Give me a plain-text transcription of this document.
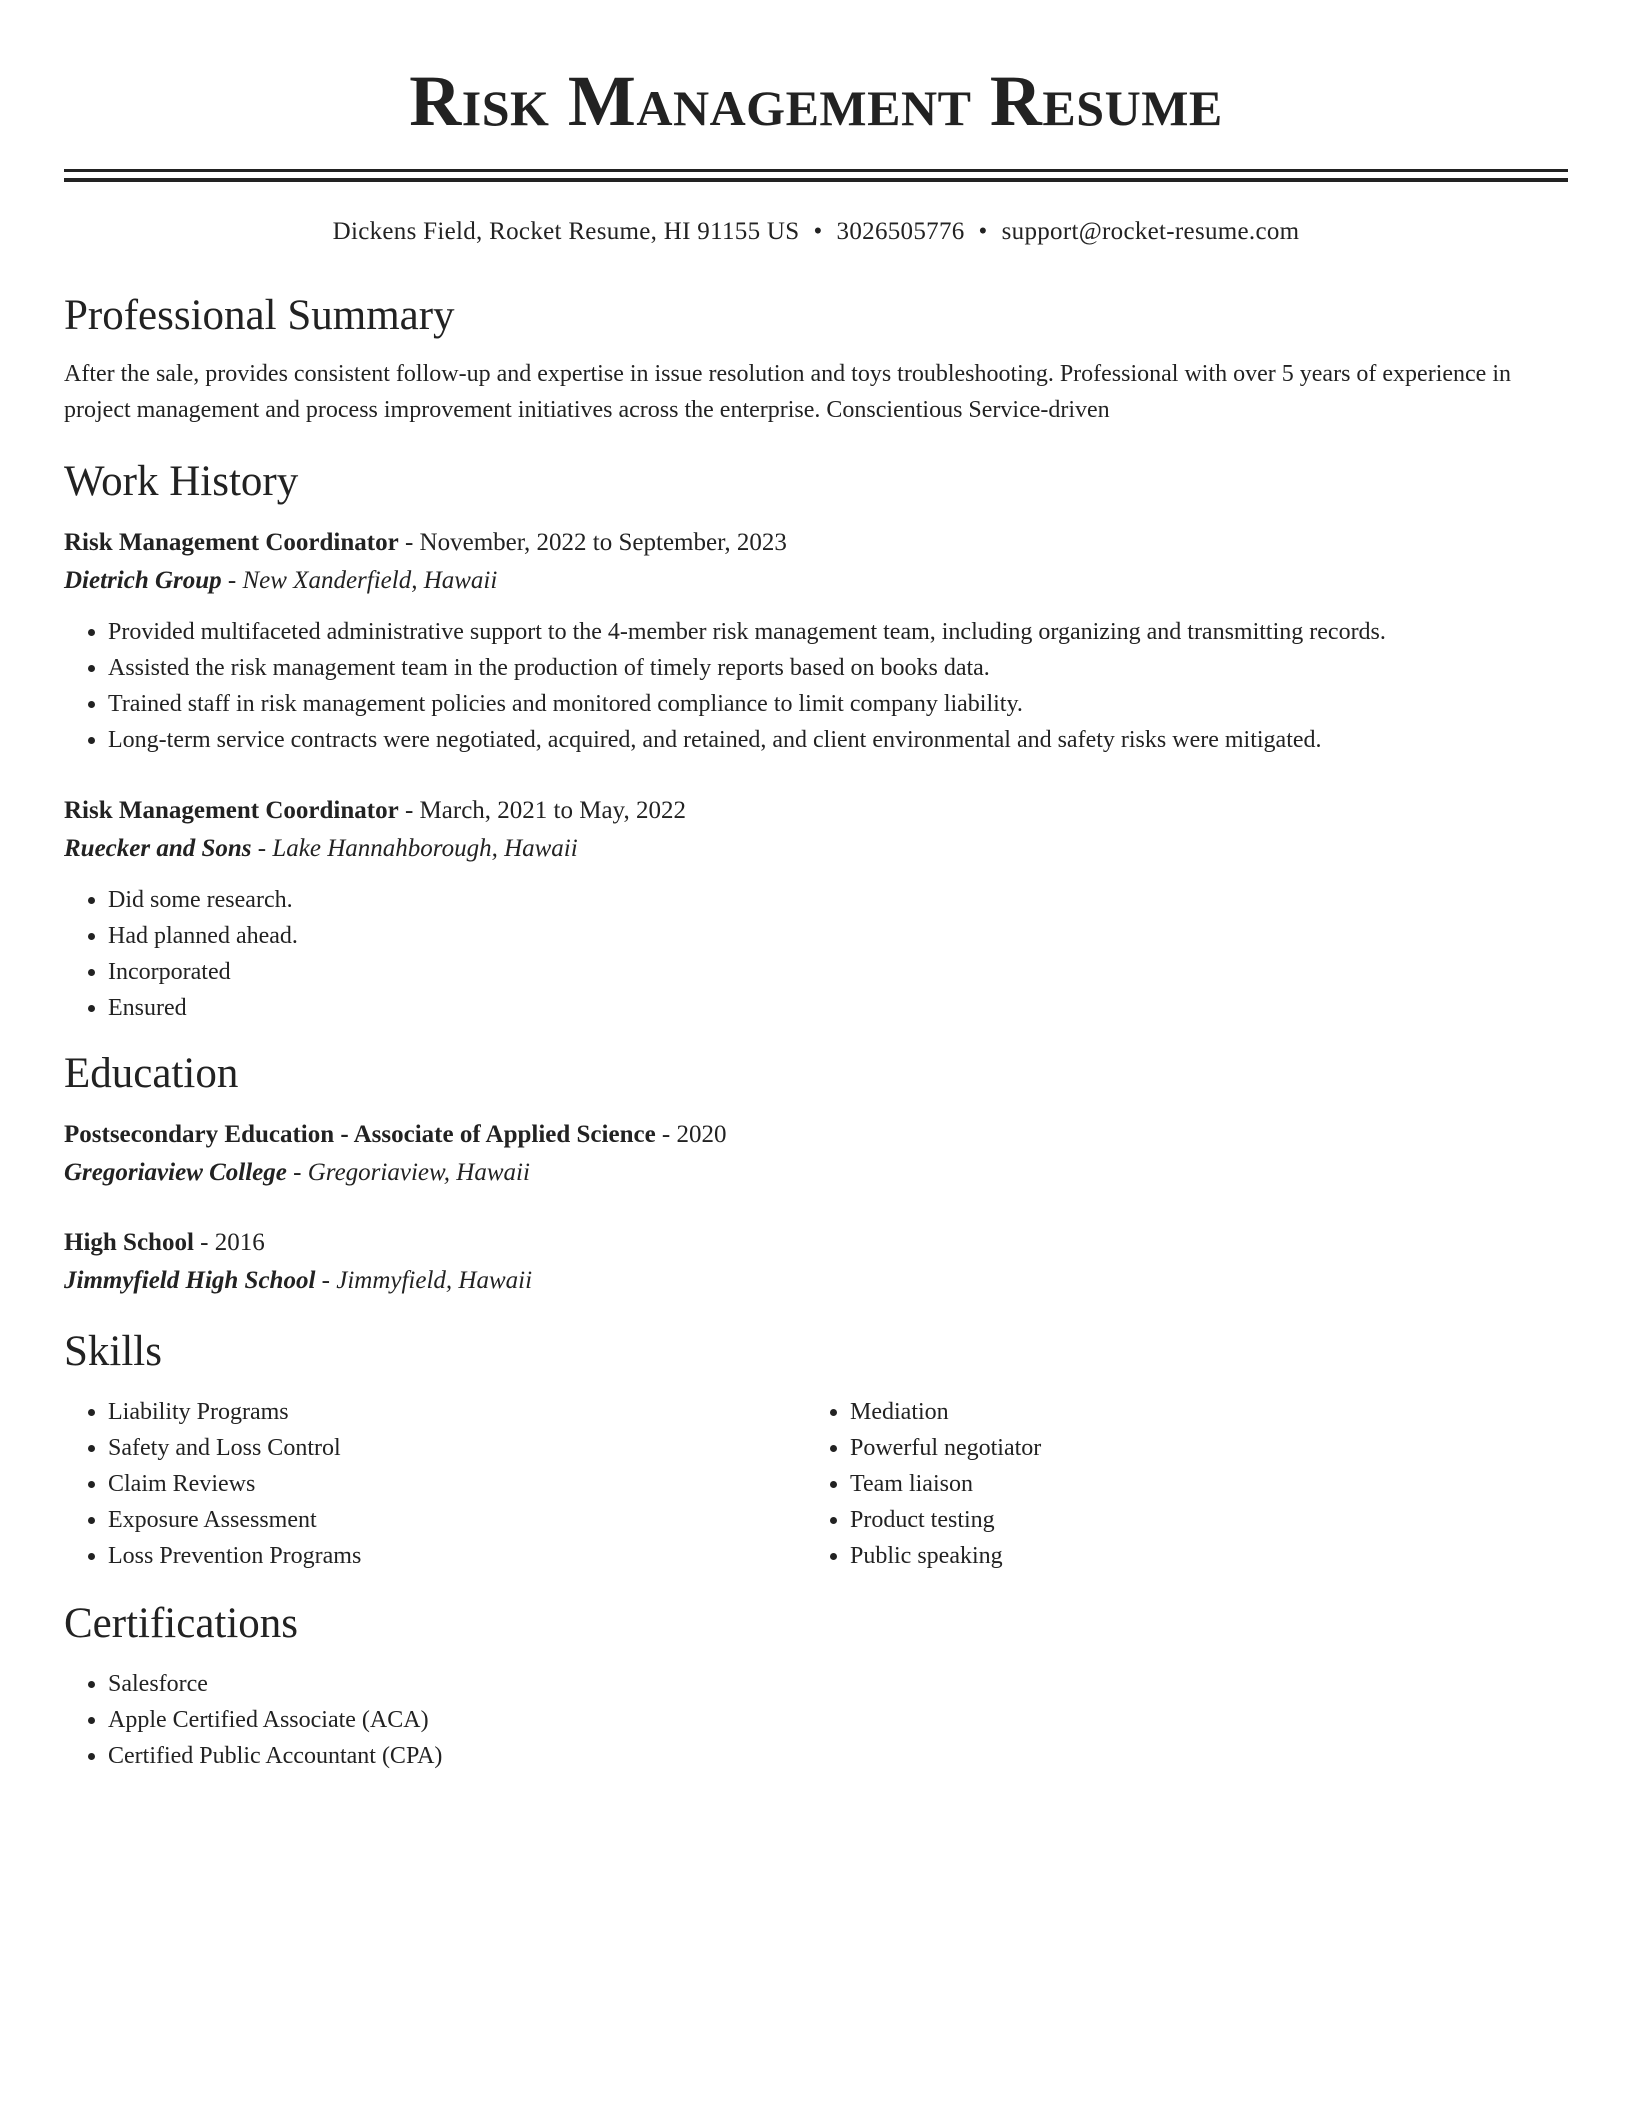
Risk Management Resume
Dickens Field, Rocket Resume, HI 91155 US • 3026505776 • support@rocket-resume.com
Professional Summary

After the sale, provides consistent follow-up and expertise in issue resolution and toys troubleshooting. Professional with over 5 years of experience in project management and process improvement initiatives across the enterprise. Conscientious Service-driven

Work History
Risk Management Coordinator - November, 2022 to September, 2023
Dietrich Group - New Xanderfield, Hawaii
• Provided multifaceted administrative support to the 4-member risk management team, including organizing and transmitting records.
• Assisted the risk management team in the production of timely reports based on books data.
• Trained staff in risk management policies and monitored compliance to limit company liability.
• Long-term service contracts were negotiated, acquired, and retained, and client environmental and safety risks were mitigated.
Risk Management Coordinator - March, 2021 to May, 2022
Ruecker and Sons - Lake Hannahborough, Hawaii
• Did some research.
• Had planned ahead.
• Incorporated
• Ensured
Education
Postsecondary Education - Associate of Applied Science - 2020
Gregoriaview College - Gregoriaview, Hawaii
High School - 2016
Jimmyfield High School - Jimmyfield, Hawaii
Skills
• Liability Programs
• Safety and Loss Control
• Claim Reviews
• Exposure Assessment
• Loss Prevention Programs
• Mediation
• Powerful negotiator
• Team liaison
• Product testing
• Public speaking
Certifications
• Salesforce
• Apple Certified Associate (ACA)
• Certified Public Accountant (CPA)
